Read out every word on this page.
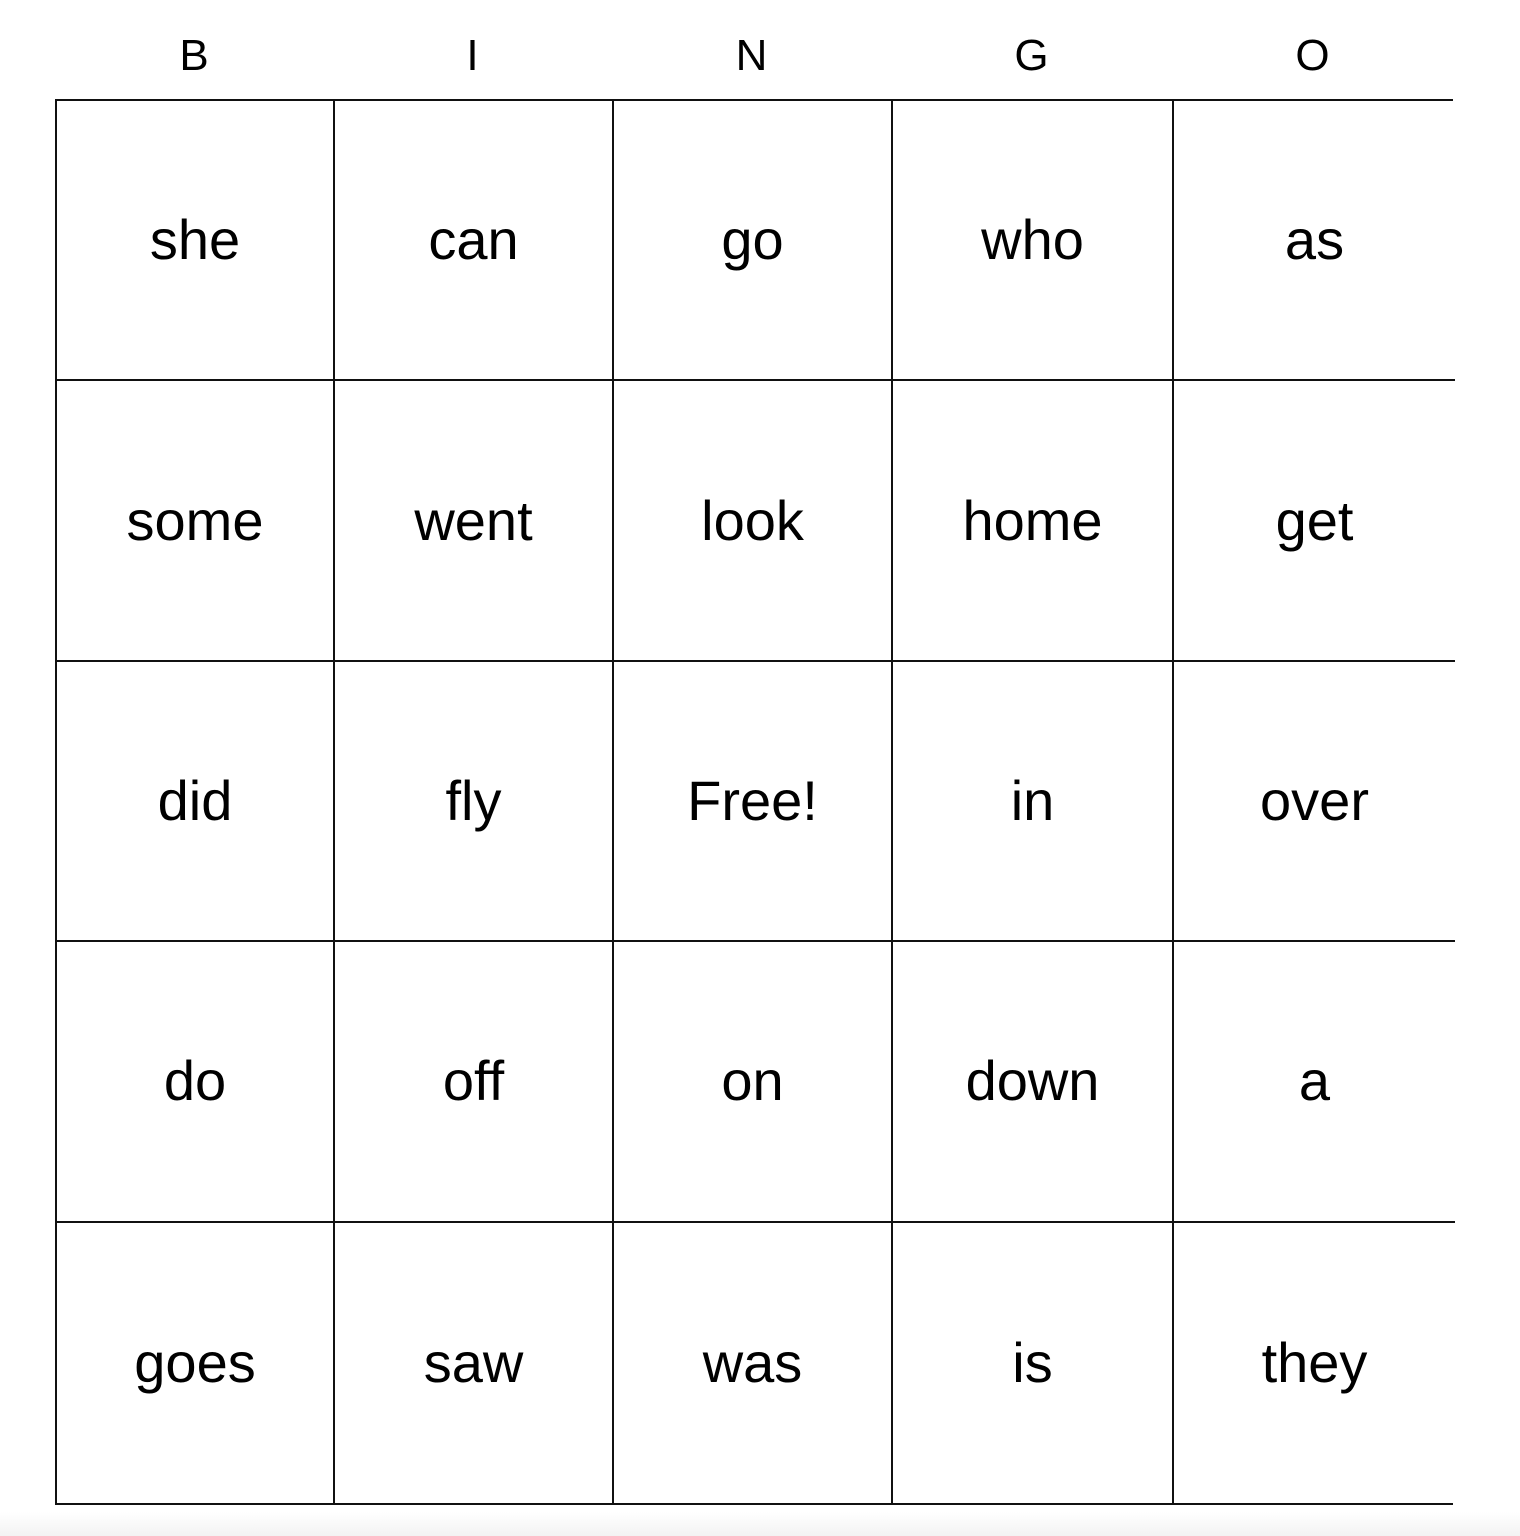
B	I	N	G	O
she	can	go	who	as
some	went	look	home	get
did	fly	Free!	in	over
do	off	on	down	a
goes	saw	was	is	they
